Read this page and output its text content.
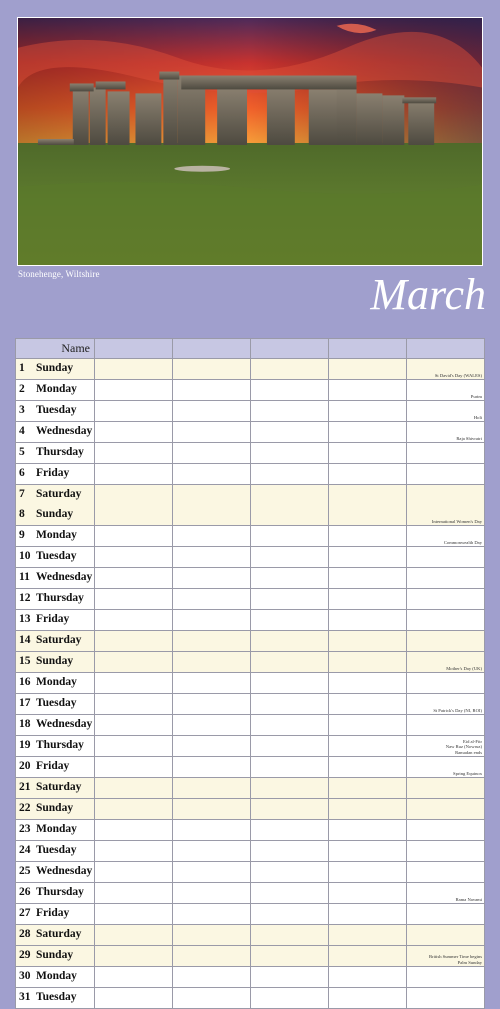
Stonehenge, Wiltshire	March
Name					

1 Sunday					St David's Day (WALES)

2 Monday					Purim

3 Tuesday					Holi

4 Wednesday					Raja Shivratri

5 Thursday					

6 Friday					

7 Saturday
8 Sunday					International Women's Day

9 Monday					Commonwealth Day

10 Tuesday					

11 Wednesday					

12 Thursday					

13 Friday					

14 Saturday					

15 Sunday					Mother's Day (UK)

16 Monday					

17 Tuesday					St Patrick's Day (NI, ROI)

18 Wednesday					

19 Thursday					Eid al-Fitr
Naw Ruz (Nowruz)
Ramadan ends

20 Friday					Spring Equinox

21 Saturday					

22 Sunday					

23 Monday					

24 Tuesday					

25 Wednesday					

26 Thursday					Rama Navami

27 Friday					

28 Saturday					

29 Sunday					British Summer Time begins
Palm Sunday

30 Monday					

31 Tuesday					
